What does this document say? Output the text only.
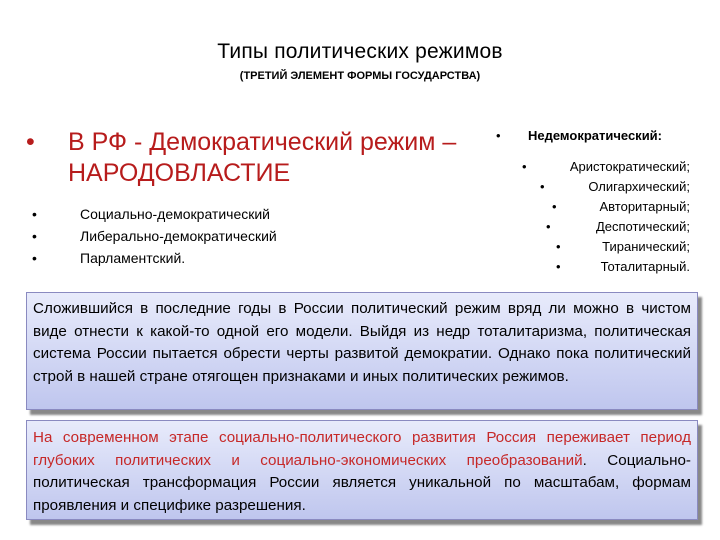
Типы политических режимов
(ТРЕТИЙ ЭЛЕМЕНТ ФОРМЫ ГОСУДАРСТВА)
•	В РФ - Демократический режим – НАРОДОВЛАСТИЕ
•	Социально-демократический
•	Либерально-демократический
•	Парламентский.
•	Недемократический:
•	Аристократический;
•	Олигархический;
•	Авторитарный;
•	Деспотический;
•	Тиранический;
•	Тоталитарный.
Сложившийся в последние годы в России политический режим вряд ли можно в чистом виде отнести к какой-то одной его модели. Выйдя из недр тоталитаризма, политическая система России пытается обрести черты развитой демократии. Однако пока политический строй в нашей стране отягощен признаками и иных политических режимов.
На современном этапе социально-политического развития Россия переживает период глубоких политических и социально-экономических преобразований. Социально-политическая трансформация России является уникальной по масштабам, формам проявления и специфике разрешения.
